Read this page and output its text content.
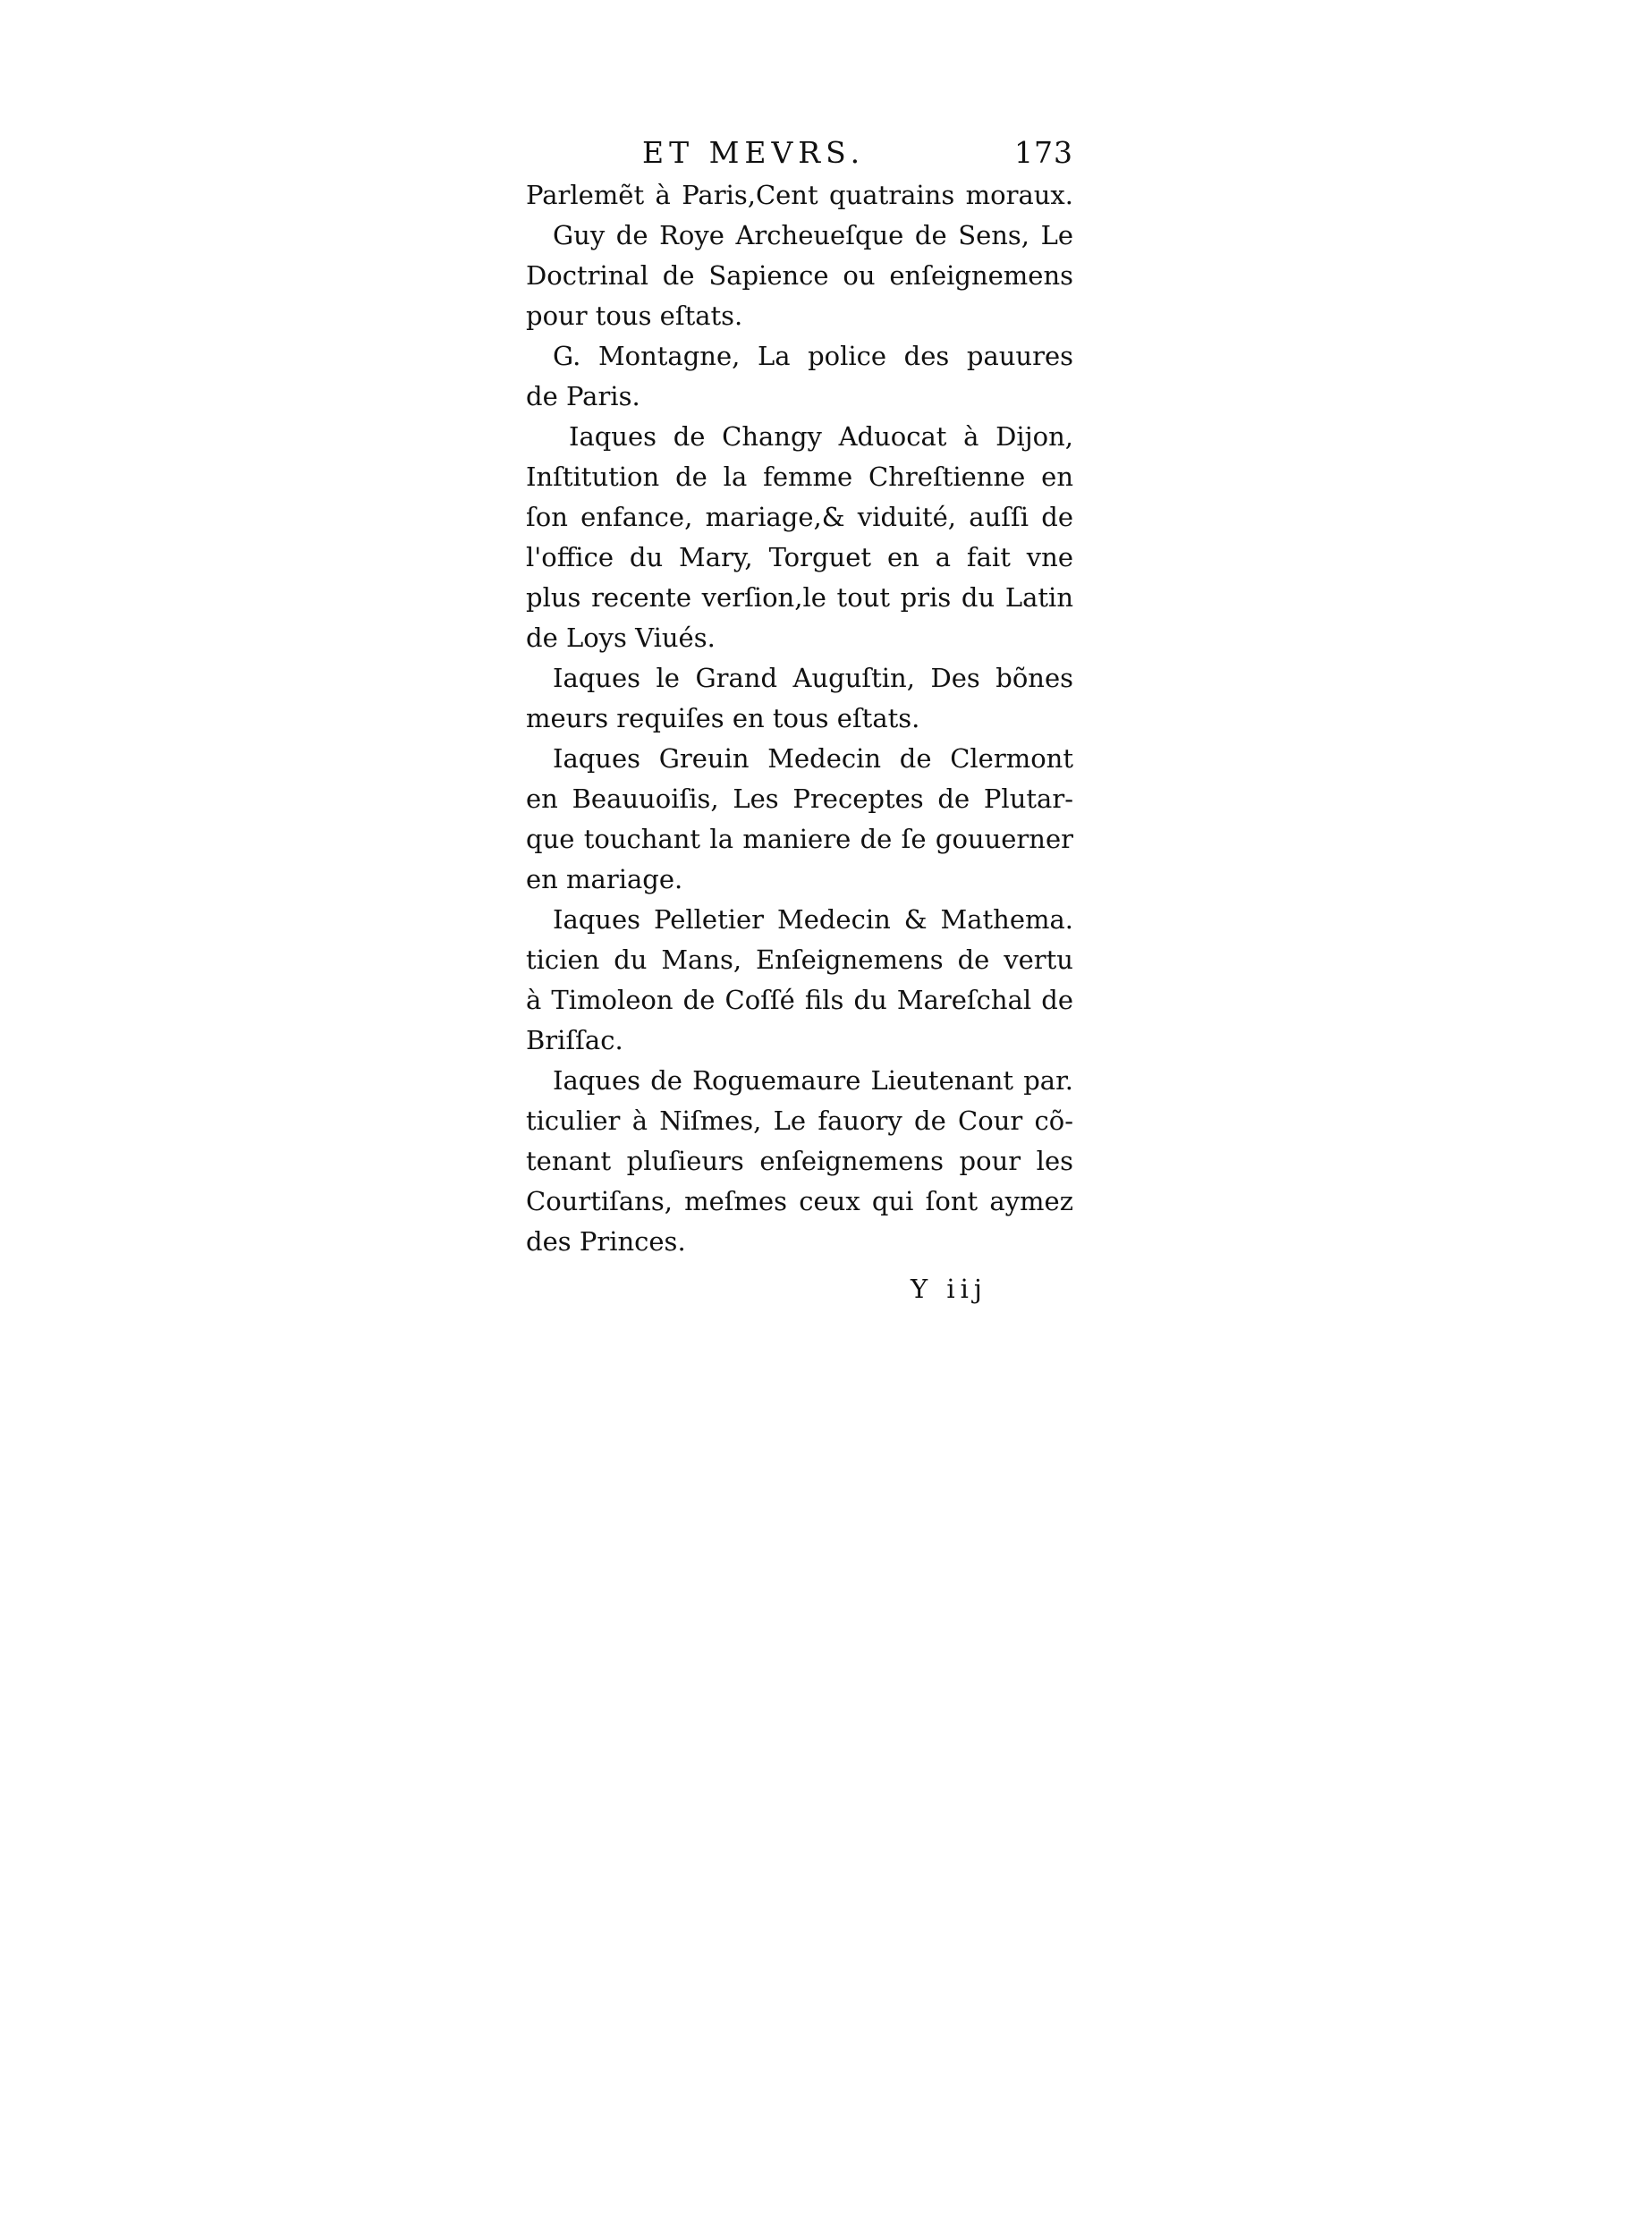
ET MEVRS.	173
Parlemẽt à Paris,Cent quatrains moraux.
Guy de Roye Archeueſque de Sens, Le
Doctrinal de Sapience ou enſeignemens
pour tous eſtats.
G. Montagne, La police des pauures
de Paris.
Iaques de Changy Aduocat à Dijon,
Inſtitution de la femme Chreſtienne en
ſon enfance, mariage,& viduité, auſſi de
l'office du Mary, Torguet en a fait vne
plus recente verſion,le tout pris du Latin
de Loys Viués.
Iaques le Grand Auguſtin, Des bõnes
meurs requiſes en tous eſtats.
Iaques Greuin Medecin de Clermont
en Beauuoiſis, Les Preceptes de Plutar-
que touchant la maniere de ſe gouuerner
en mariage.
Iaques Pelletier Medecin & Mathema.
ticien du Mans, Enſeignemens de vertu
à Timoleon de Coſſé fils du Mareſchal de
Briſſac.
Iaques de Roguemaure Lieutenant par.
ticulier à Niſmes, Le fauory de Cour cõ-
tenant pluſieurs enſeignemens pour les
Courtiſans, meſmes ceux qui ſont aymez
des Princes.
Y iij
